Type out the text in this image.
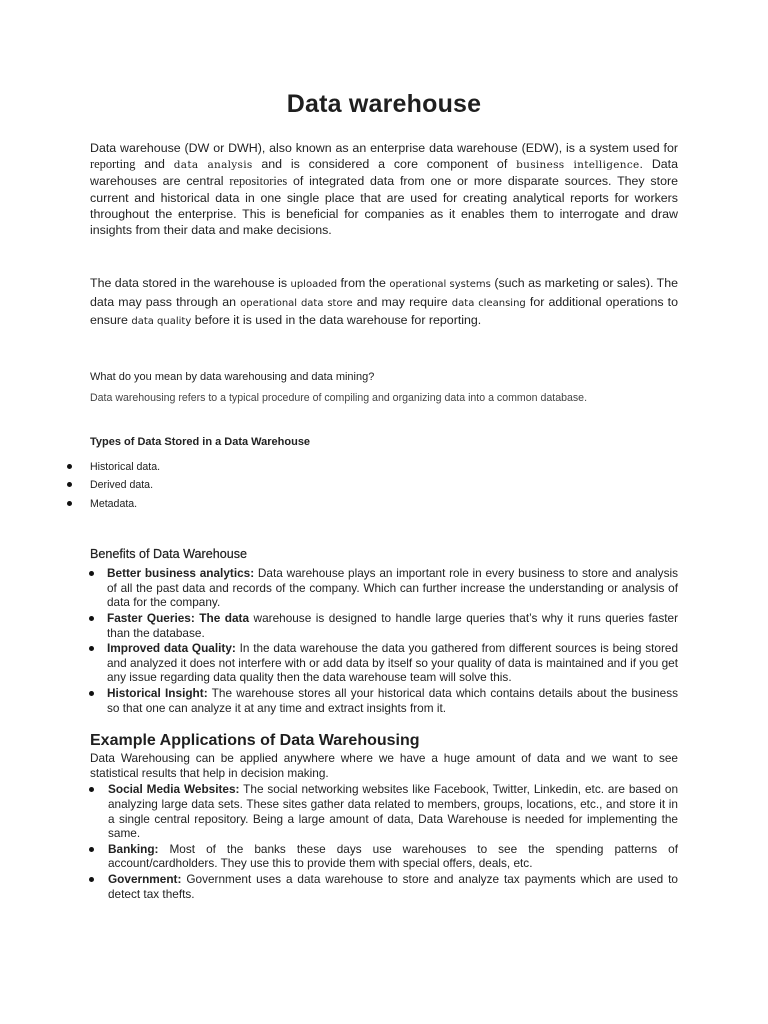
Data warehouse

Data warehouse (DW or DWH), also known as an enterprise data warehouse (EDW), is a system used for reporting and data analysis and is considered a core component of business intelligence. Data warehouses are central repositories of integrated data from one or more disparate sources. They store current and historical data in one single place that are used for creating analytical reports for workers throughout the enterprise. This is beneficial for companies as it enables them to interrogate and draw insights from their data and make decisions.

The data stored in the warehouse is uploaded from the operational systems (such as marketing or sales). The data may pass through an operational data store and may require data cleansing for additional operations to ensure data quality before it is used in the data warehouse for reporting.

What do you mean by data warehousing and data mining?

Data warehousing refers to a typical procedure of compiling and organizing data into a common database.

Types of Data Stored in a Data Warehouse

Historical data.
Derived data.
Metadata.

Benefits of Data Warehouse

Better business analytics: Data warehouse plays an important role in every business to store and analysis of all the past data and records of the company. Which can further increase the understanding or analysis of data for the company.
Faster Queries: The data warehouse is designed to handle large queries that’s why it runs queries faster than the database.
Improved data Quality: In the data warehouse the data you gathered from different sources is being stored and analyzed it does not interfere with or add data by itself so your quality of data is maintained and if you get any issue regarding data quality then the data warehouse team will solve this.
Historical Insight: The warehouse stores all your historical data which contains details about the business so that one can analyze it at any time and extract insights from it.

Example Applications of Data Warehousing

Data Warehousing can be applied anywhere where we have a huge amount of data and we want to see statistical results that help in decision making.

Social Media Websites: The social networking websites like Facebook, Twitter, Linkedin, etc. are based on analyzing large data sets. These sites gather data related to members, groups, locations, etc., and store it in a single central repository. Being a large amount of data, Data Warehouse is needed for implementing the same.
Banking: Most of the banks these days use warehouses to see the spending patterns of account/cardholders. They use this to provide them with special offers, deals, etc.
Government: Government uses a data warehouse to store and analyze tax payments which are used to detect tax thefts.
